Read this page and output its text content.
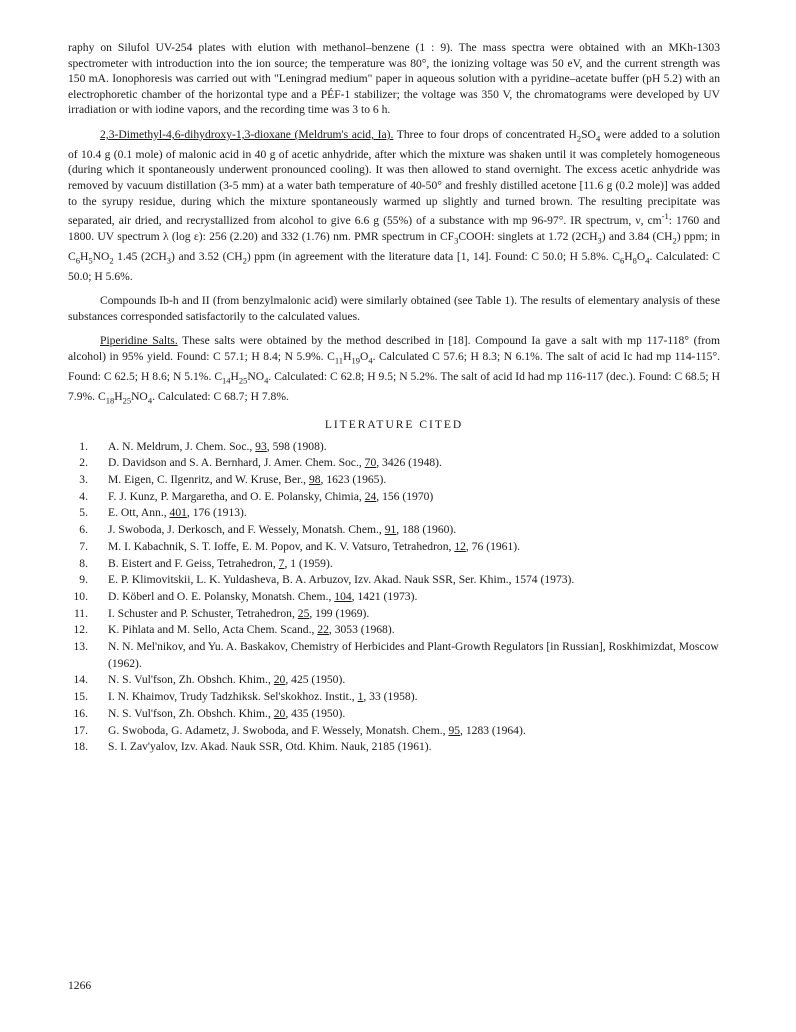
raphy on Silufol UV-254 plates with elution with methanol–benzene (1 : 9). The mass spectra were obtained with an MKh-1303 spectrometer with introduction into the ion source; the temperature was 80°, the ionizing voltage was 50 eV, and the current strength was 150 mA. Ionophoresis was carried out with "Leningrad medium" paper in aqueous solution with a pyridine–acetate buffer (pH 5.2) with an electrophoretic chamber of the horizontal type and a PÉF-1 stabilizer; the voltage was 350 V, the chromatograms were developed by UV irradiation or with iodine vapors, and the recording time was 3 to 6 h.

2,3-Dimethyl-4,6-dihydroxy-1,3-dioxane (Meldrum's acid, Ia). Three to four drops of concentrated $H_2SO_4$ were added to a solution of 10.4 g (0.1 mole) of malonic acid in 40 g of acetic anhydride, after which the mixture was shaken until it was completely homogeneous (during which it spontaneously underwent pronounced cooling). It was then allowed to stand overnight. The excess acetic anhydride was removed by vacuum distillation (3-5 mm) at a water bath temperature of 40-50° and freshly distilled acetone [11.6 g (0.2 mole)] was added to the syrupy residue, during which the mixture spontaneously warmed up slightly and turned brown. The resulting precipitate was separated, air dried, and recrystallized from alcohol to give 6.6 g (55%) of a substance with mp 96-97°. IR spectrum, ν, $cm^{-1}$: 1760 and 1800. UV spectrum λ (log ε): 256 (2.20) and 332 (1.76) nm. PMR spectrum in $CF_3COOH$: singlets at 1.72 $(2CH_3)$ and 3.84 $(CH_2)$ ppm; in $C_6H_5NO_2$ 1.45 $(2CH_3)$ and 3.52 $(CH_2)$ ppm (in agreement with the literature data [1, 14]. Found: C 50.0; H 5.8%. $C_6H_8O_4$. Calculated: C 50.0; H 5.6%.

Compounds Ib-h and II (from benzylmalonic acid) were similarly obtained (see Table 1). The results of elementary analysis of these substances corresponded satisfactorily to the calculated values.

Piperidine Salts. These salts were obtained by the method described in [18]. Compound Ia gave a salt with mp 117-118° (from alcohol) in 95% yield. Found: C 57.1; H 8.4; N 5.9%. $C_{11}H_{19}O_4$. Calculated C 57.6; H 8.3; N 6.1%. The salt of acid Ic had mp 114-115°. Found: C 62.5; H 8.6; N 5.1%. $C_{14}H_{25}NO_4$. Calculated: C 62.8; H 9.5; N 5.2%. The salt of acid Id had mp 116-117 (dec.). Found: C 68.5; H 7.9%. $C_{18}H_{25}NO_4$. Calculated: C 68.7; H 7.8%.

LITERATURE CITED
1. A. N. Meldrum, J. Chem. Soc., 93, 598 (1908).
2. D. Davidson and S. A. Bernhard, J. Amer. Chem. Soc., 70, 3426 (1948).
3. M. Eigen, C. Ilgenritz, and W. Kruse, Ber., 98, 1623 (1965).
4. F. J. Kunz, P. Margaretha, and O. E. Polansky, Chimia, 24, 156 (1970)
5. E. Ott, Ann., 401, 176 (1913).
6. J. Swoboda, J. Derkosch, and F. Wessely, Monatsh. Chem., 91, 188 (1960).
7. M. I. Kabachnik, S. T. Ioffe, E. M. Popov, and K. V. Vatsuro, Tetrahedron, 12, 76 (1961).
8. B. Eistert and F. Geiss, Tetrahedron, 7, 1 (1959).
9. E. P. Klimovitskii, L. K. Yuldasheva, B. A. Arbuzov, Izv. Akad. Nauk SSR, Ser. Khim., 1574 (1973).
10. D. Köberl and O. E. Polansky, Monatsh. Chem., 104, 1421 (1973).
11. I. Schuster and P. Schuster, Tetrahedron, 25, 199 (1969).
12. K. Pihlata and M. Sello, Acta Chem. Scand., 22, 3053 (1968).
13. N. N. Mel'nikov, and Yu. A. Baskakov, Chemistry of Herbicides and Plant-Growth Regulators [in Russian], Roskhimizdat, Moscow (1962).
14. N. S. Vul'fson, Zh. Obshch. Khim., 20, 425 (1950).
15. I. N. Khaimov, Trudy Tadzhiksk. Sel'skokhoz. Instit., 1, 33 (1958).
16. N. S. Vul'fson, Zh. Obshch. Khim., 20, 435 (1950).
17. G. Swoboda, G. Adametz, J. Swoboda, and F. Wessely, Monatsh. Chem., 95, 1283 (1964).
18. S. I. Zav'yalov, Izv. Akad. Nauk SSR, Otd. Khim. Nauk, 2185 (1961).
1266
